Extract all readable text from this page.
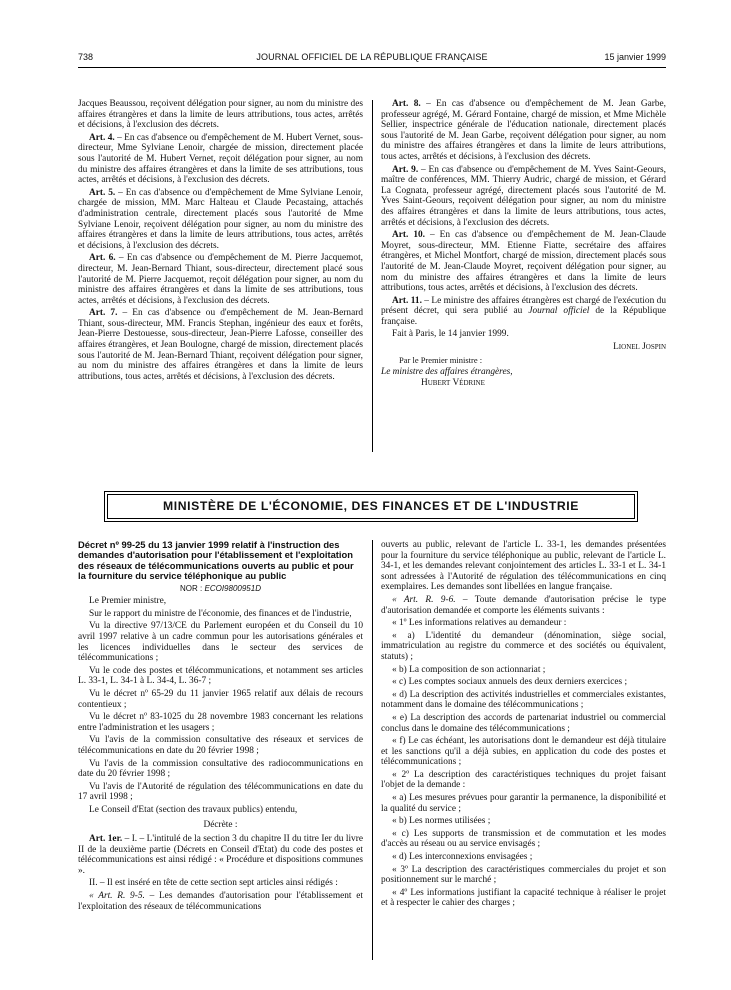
738	JOURNAL OFFICIEL DE LA RÉPUBLIQUE FRANÇAISE	15 janvier 1999

Jacques Beaussou, reçoivent délégation pour signer, au nom du ministre des affaires étrangères et dans la limite de leurs attributions, tous actes, arrêtés et décisions, à l'exclusion des décrets.

Art. 4. – En cas d'absence ou d'empêchement de M. Hubert Vernet, sous-directeur, Mme Sylviane Lenoir, chargée de mission, directement placée sous l'autorité de M. Hubert Vernet, reçoit délégation pour signer, au nom du ministre des affaires étrangères et dans la limite de ses attributions, tous actes, arrêtés et décisions, à l'exclusion des décrets.

Art. 5. – En cas d'absence ou d'empêchement de Mme Sylviane Lenoir, chargée de mission, MM. Marc Halteau et Claude Pecastaing, attachés d'administration centrale, directement placés sous l'autorité de Mme Sylviane Lenoir, reçoivent délégation pour signer, au nom du ministre des affaires étrangères et dans la limite de leurs attributions, tous actes, arrêtés et décisions, à l'exclusion des décrets.

Art. 6. – En cas d'absence ou d'empêchement de M. Pierre Jacquemot, directeur, M. Jean-Bernard Thiant, sous-directeur, directement placé sous l'autorité de M. Pierre Jacquemot, reçoit délégation pour signer, au nom du ministre des affaires étrangères et dans la limite de ses attributions, tous actes, arrêtés et décisions, à l'exclusion des décrets.

Art. 7. – En cas d'absence ou d'empêchement de M. Jean-Bernard Thiant, sous-directeur, MM. Francis Stephan, ingénieur des eaux et forêts, Jean-Pierre Destouesse, sous-directeur, Jean-Pierre Lafosse, conseiller des affaires étrangères, et Jean Boulogne, chargé de mission, directement placés sous l'autorité de M. Jean-Bernard Thiant, reçoivent délégation pour signer, au nom du ministre des affaires étrangères et dans la limite de leurs attributions, tous actes, arrêtés et décisions, à l'exclusion des décrets.

Art. 8. – En cas d'absence ou d'empêchement de M. Jean Garbe, professeur agrégé, M. Gérard Fontaine, chargé de mission, et Mme Michèle Sellier, inspectrice générale de l'éducation nationale, directement placés sous l'autorité de M. Jean Garbe, reçoivent délégation pour signer, au nom du ministre des affaires étrangères et dans la limite de leurs attributions, tous actes, arrêtés et décisions, à l'exclusion des décrets.

Art. 9. – En cas d'absence ou d'empêchement de M. Yves Saint-Geours, maître de conférences, MM. Thierry Audric, chargé de mission, et Gérard La Cognata, professeur agrégé, directement placés sous l'autorité de M. Yves Saint-Geours, reçoivent délégation pour signer, au nom du ministre des affaires étrangères et dans la limite de leurs attributions, tous actes, arrêtés et décisions, à l'exclusion des décrets.

Art. 10. – En cas d'absence ou d'empêchement de M. Jean-Claude Moyret, sous-directeur, MM. Etienne Fiatte, secrétaire des affaires étrangères, et Michel Montfort, chargé de mission, directement placés sous l'autorité de M. Jean-Claude Moyret, reçoivent délégation pour signer, au nom du ministre des affaires étrangères et dans la limite de leurs attributions, tous actes, arrêtés et décisions, à l'exclusion des décrets.

Art. 11. – Le ministre des affaires étrangères est chargé de l'exécution du présent décret, qui sera publié au Journal officiel de la République française.

Fait à Paris, le 14 janvier 1999.

Lionel Jospin

Par le Premier ministre :

Le ministre des affaires étrangères,

Hubert Védrine

MINISTÈRE DE L'ÉCONOMIE, DES FINANCES ET DE L'INDUSTRIE

Décret nº 99-25 du 13 janvier 1999 relatif à l'instruction des demandes d'autorisation pour l'établissement et l'exploitation des réseaux de télécommunications ouverts au public et pour la fourniture du service téléphonique au public

NOR : ECOI9800951D

Le Premier ministre,

Sur le rapport du ministre de l'économie, des finances et de l'industrie,

Vu la directive 97/13/CE du Parlement européen et du Conseil du 10 avril 1997 relative à un cadre commun pour les autorisations générales et les licences individuelles dans le secteur des services de télécommunications ;

Vu le code des postes et télécommunications, et notamment ses articles L. 33-1, L. 34-1 à L. 34-4, L. 36-7 ;

Vu le décret nº 65-29 du 11 janvier 1965 relatif aux délais de recours contentieux ;

Vu le décret nº 83-1025 du 28 novembre 1983 concernant les relations entre l'administration et les usagers ;

Vu l'avis de la commission consultative des réseaux et services de télécommunications en date du 20 février 1998 ;

Vu l'avis de la commission consultative des radiocommunications en date du 20 février 1998 ;

Vu l'avis de l'Autorité de régulation des télécommunications en date du 17 avril 1998 ;

Le Conseil d'Etat (section des travaux publics) entendu,

Décrète :

Art. 1er. – I. – L'intitulé de la section 3 du chapitre II du titre Ier du livre II de la deuxième partie (Décrets en Conseil d'Etat) du code des postes et télécommunications est ainsi rédigé : « Procédure et dispositions communes ».

II. – Il est inséré en tête de cette section sept articles ainsi rédigés :

« Art. R. 9-5. – Les demandes d'autorisation pour l'établissement et l'exploitation des réseaux de télécommunications

ouverts au public, relevant de l'article L. 33-1, les demandes présentées pour la fourniture du service téléphonique au public, relevant de l'article L. 34-1, et les demandes relevant conjointement des articles L. 33-1 et L. 34-1 sont adressées à l'Autorité de régulation des télécommunications en cinq exemplaires. Les demandes sont libellées en langue française.

« Art. R. 9-6. – Toute demande d'autorisation précise le type d'autorisation demandée et comporte les éléments suivants :

« 1º Les informations relatives au demandeur :

« a) L'identité du demandeur (dénomination, siège social, immatriculation au registre du commerce et des sociétés ou équivalent, statuts) ;

« b) La composition de son actionnariat ;

« c) Les comptes sociaux annuels des deux derniers exercices ;

« d) La description des activités industrielles et commerciales existantes, notamment dans le domaine des télécommunications ;

« e) La description des accords de partenariat industriel ou commercial conclus dans le domaine des télécommunications ;

« f) Le cas échéant, les autorisations dont le demandeur est déjà titulaire et les sanctions qu'il a déjà subies, en application du code des postes et télécommunications ;

« 2º La description des caractéristiques techniques du projet faisant l'objet de la demande :

« a) Les mesures prévues pour garantir la permanence, la disponibilité et la qualité du service ;

« b) Les normes utilisées ;

« c) Les supports de transmission et de commutation et les modes d'accès au réseau ou au service envisagés ;

« d) Les interconnexions envisagées ;

« 3º La description des caractéristiques commerciales du projet et son positionnement sur le marché ;

« 4º Les informations justifiant la capacité technique à réaliser le projet et à respecter le cahier des charges ;
